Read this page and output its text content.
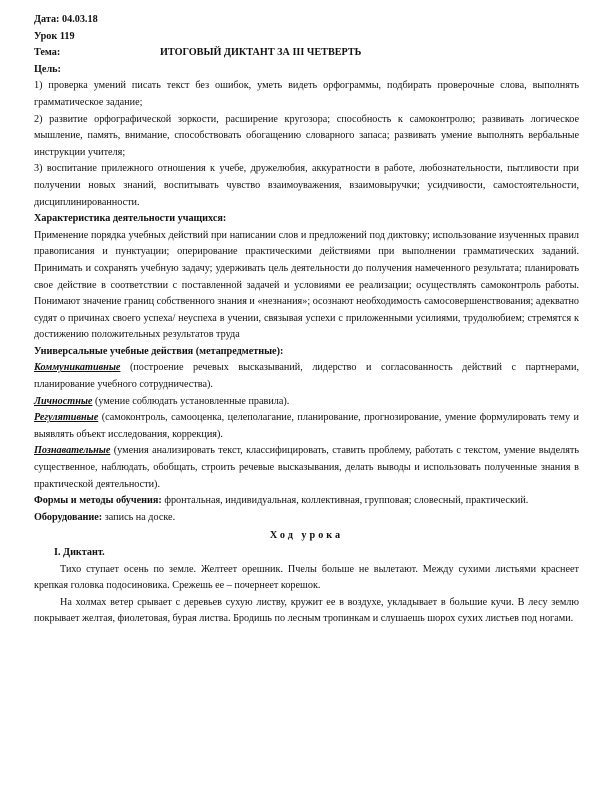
Дата: 04.03.18
Урок 119
Тема:	ИТОГОВЫЙ ДИКТАНТ ЗА III ЧЕТВЕРТЬ
Цель:
1) проверка умений писать текст без ошибок, уметь видеть орфограммы, подбирать проверочные слова, выполнять грамматическое задание;
2) развитие орфографической зоркости, расширение кругозора; способность к самоконтролю; развивать логическое мышление, память, внимание, способствовать обогащению словарного запаса; развивать умение выполнять вербальные инструкции учителя;
3) воспитание прилежного отношения к учебе, дружелюбия, аккуратности в работе, любознательности, пытливости при получении новых знаний, воспитывать чувство взаимоуважения, взаимовыручки; усидчивости, самостоятельности, дисциплинированности.
Характеристика деятельности учащихся:
Применение порядка учебных действий при написании слов и предложений под диктовку; использование изученных правил правописания и пунктуации; оперирование практическими действиями при выполнении грамматических заданий. Принимать и сохранять учебную задачу; удерживать цель деятельности до получения намеченного результата; планировать свое действие в соответствии с поставленной задачей и условиями ее реализации; осуществлять самоконтроль работы. Понимают значение границ собственного знания и «незнания»; осознают необходимость самосовершенствования; адекватно судят о причинах своего успеха/ неуспеха в учении, связывая успехи с приложенными усилиями, трудолюбием; стремятся к достижению положительных результатов труда
Универсальные учебные действия (метапредметные):
Коммуникативные (построение речевых высказываний, лидерство и согласованность действий с партнерами, планирование учебного сотрудничества).
Личностные (умение соблюдать установленные правила).
Регулятивные (самоконтроль, самооценка, целеполагание, планирование, прогнозирование, умение формулировать тему и выявлять объект исследования, коррекция).
Познавательные (умения анализировать текст, классифицировать, ставить проблему, работать с текстом, умение выделять существенное, наблюдать, обобщать, строить речевые высказывания, делать выводы и использовать полученные знания в практической деятельности).
Формы и методы обучения: фронтальная, индивидуальная, коллективная, групповая; словесный, практический.
Оборудование: запись на доске.
Ход урока
I. Диктант.
Тихо ступает осень по земле. Желтеет орешник. Пчелы больше не вылетают. Между сухими листьями краснеет крепкая головка подосиновика. Срежешь ее – почернеет корешок.
На холмах ветер срывает с деревьев сухую листву, кружит ее в воздухе, укладывает в большие кучи. В лесу землю покрывает желтая, фиолетовая, бурая листва. Бродишь по лесным тропинкам и слушаешь шорох сухих листьев под ногами.
